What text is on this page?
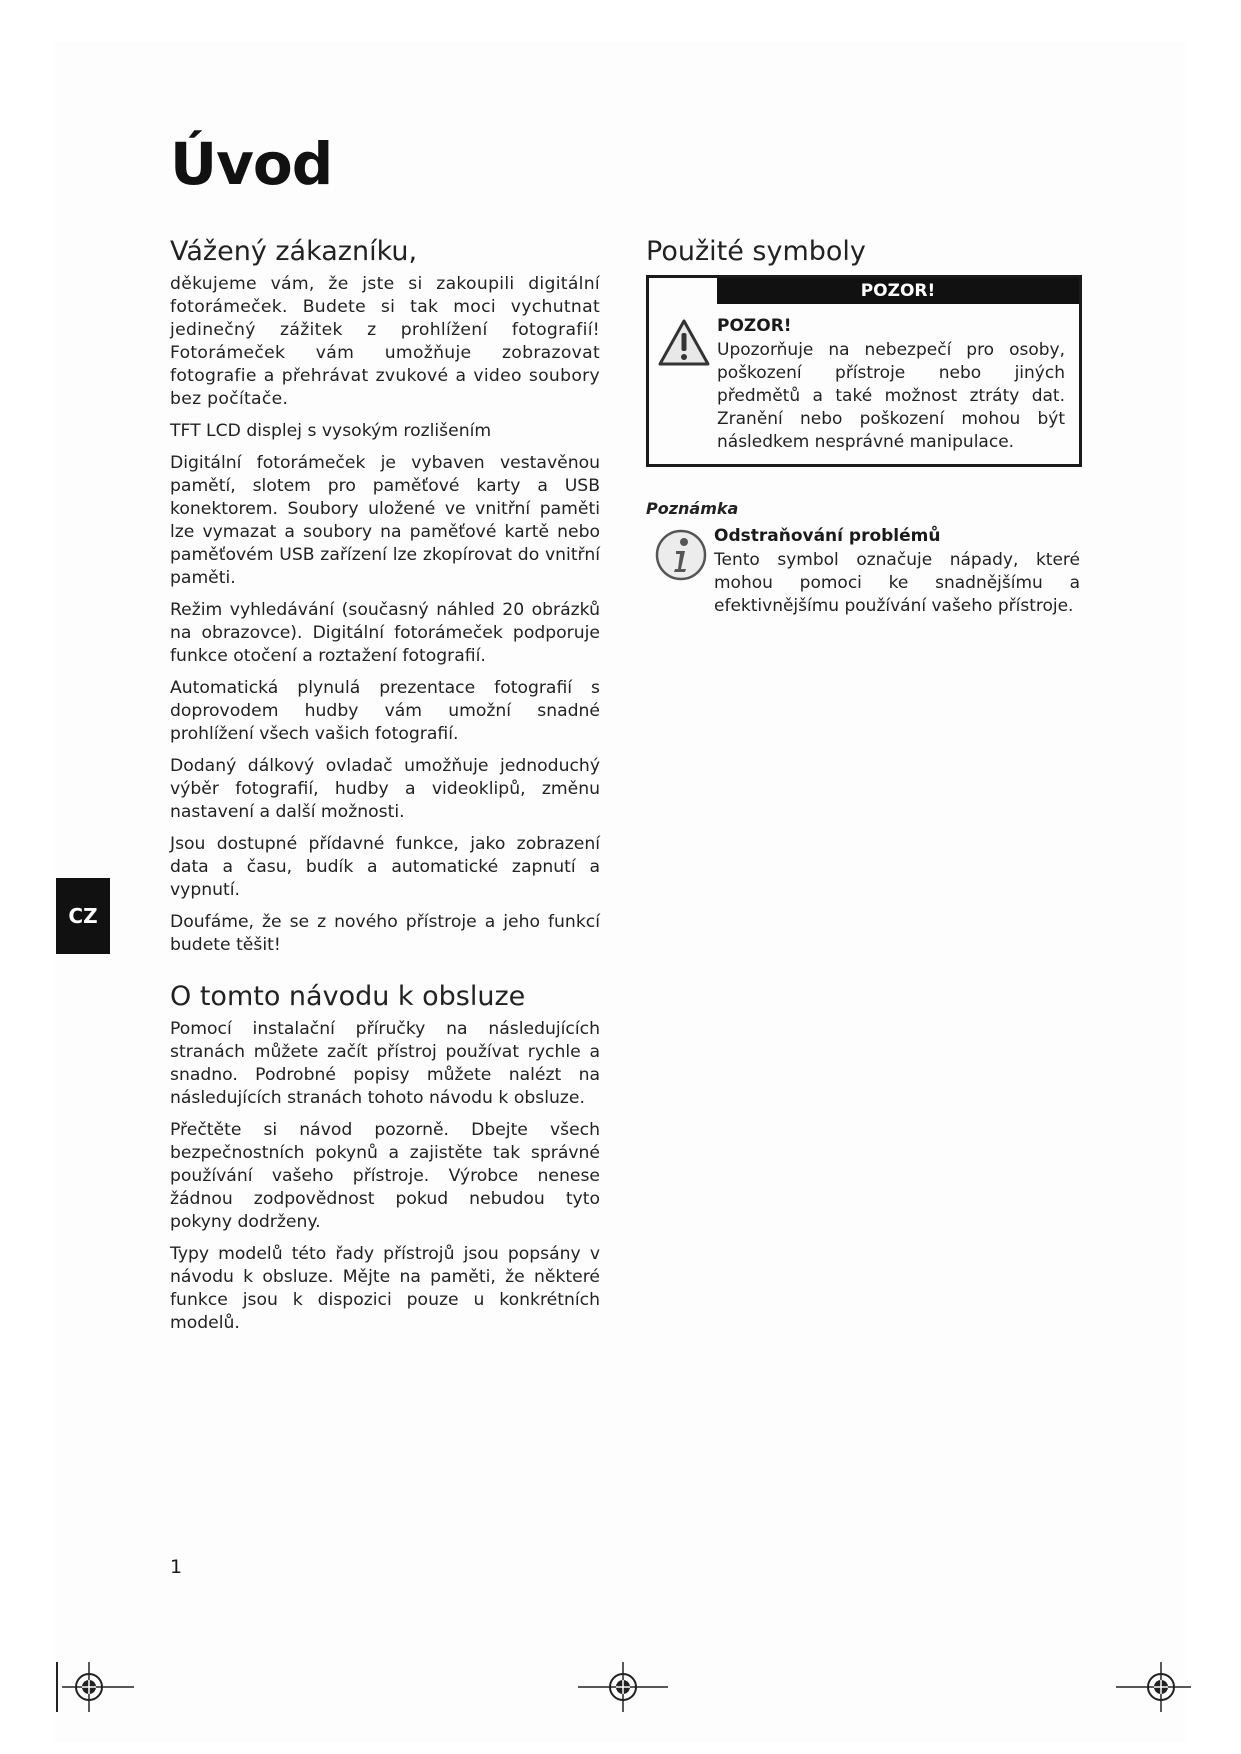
Úvod
Vážený zákazníku,

děkujeme vám, že jste si zakoupili digitální fotorámeček. Budete si tak moci vychutnat jedinečný zážitek z prohlížení fotografií! Fotorámeček vám umožňuje zobrazovat fotografie a přehrávat zvukové a video soubory bez počítače.

TFT LCD displej s vysokým rozlišením

Digitální fotorámeček je vybaven vestavěnou pamětí, slotem pro paměťové karty a USB konektorem. Soubory uložené ve vnitřní paměti lze vymazat a soubory na paměťové kartě nebo paměťovém USB zařízení lze zkopírovat do vnitřní paměti.

Režim vyhledávání (současný náhled 20 obrázků na obrazovce). Digitální fotorámeček podporuje funkce otočení a roztažení fotografií.

Automatická plynulá prezentace fotografií s doprovodem hudby vám umožní snadné prohlížení všech vašich fotografií.

Dodaný dálkový ovladač umožňuje jednoduchý výběr fotografií, hudby a videoklipů, změnu nastavení a další možnosti.

Jsou dostupné přídavné funkce, jako zobrazení data a času, budík a automatické zapnutí a vypnutí.

Doufáme, že se z nového přístroje a jeho funkcí budete těšit!

O tomto návodu k obsluze

Pomocí instalační příručky na následujících stranách můžete začít přístroj používat rychle a snadno. Podrobné popisy můžete nalézt na následujících stranách tohoto návodu k obsluze.

Přečtěte si návod pozorně. Dbejte všech bezpečnostních pokynů a zajistěte tak správné používání vašeho přístroje. Výrobce nenese žádnou zodpovědnost pokud nebudou tyto pokyny dodrženy.

Typy modelů této řady přístrojů jsou popsány v návodu k obsluze. Mějte na paměti, že některé funkce jsou k dispozici pouze u konkrétních modelů.

Použité symboly
POZOR!
POZOR!

Upozorňuje na nebezpečí pro osoby, poškození přístroje nebo jiných předmětů a také možnost ztráty dat. Zranění nebo poškození mohou být následkem nesprávné manipulace.

Poznámka
Odstraňování problémů

Tento symbol označuje nápady, které mohou pomoci ke snadnějšímu a efektivnějšímu používání vašeho přístroje.

CZ
1
